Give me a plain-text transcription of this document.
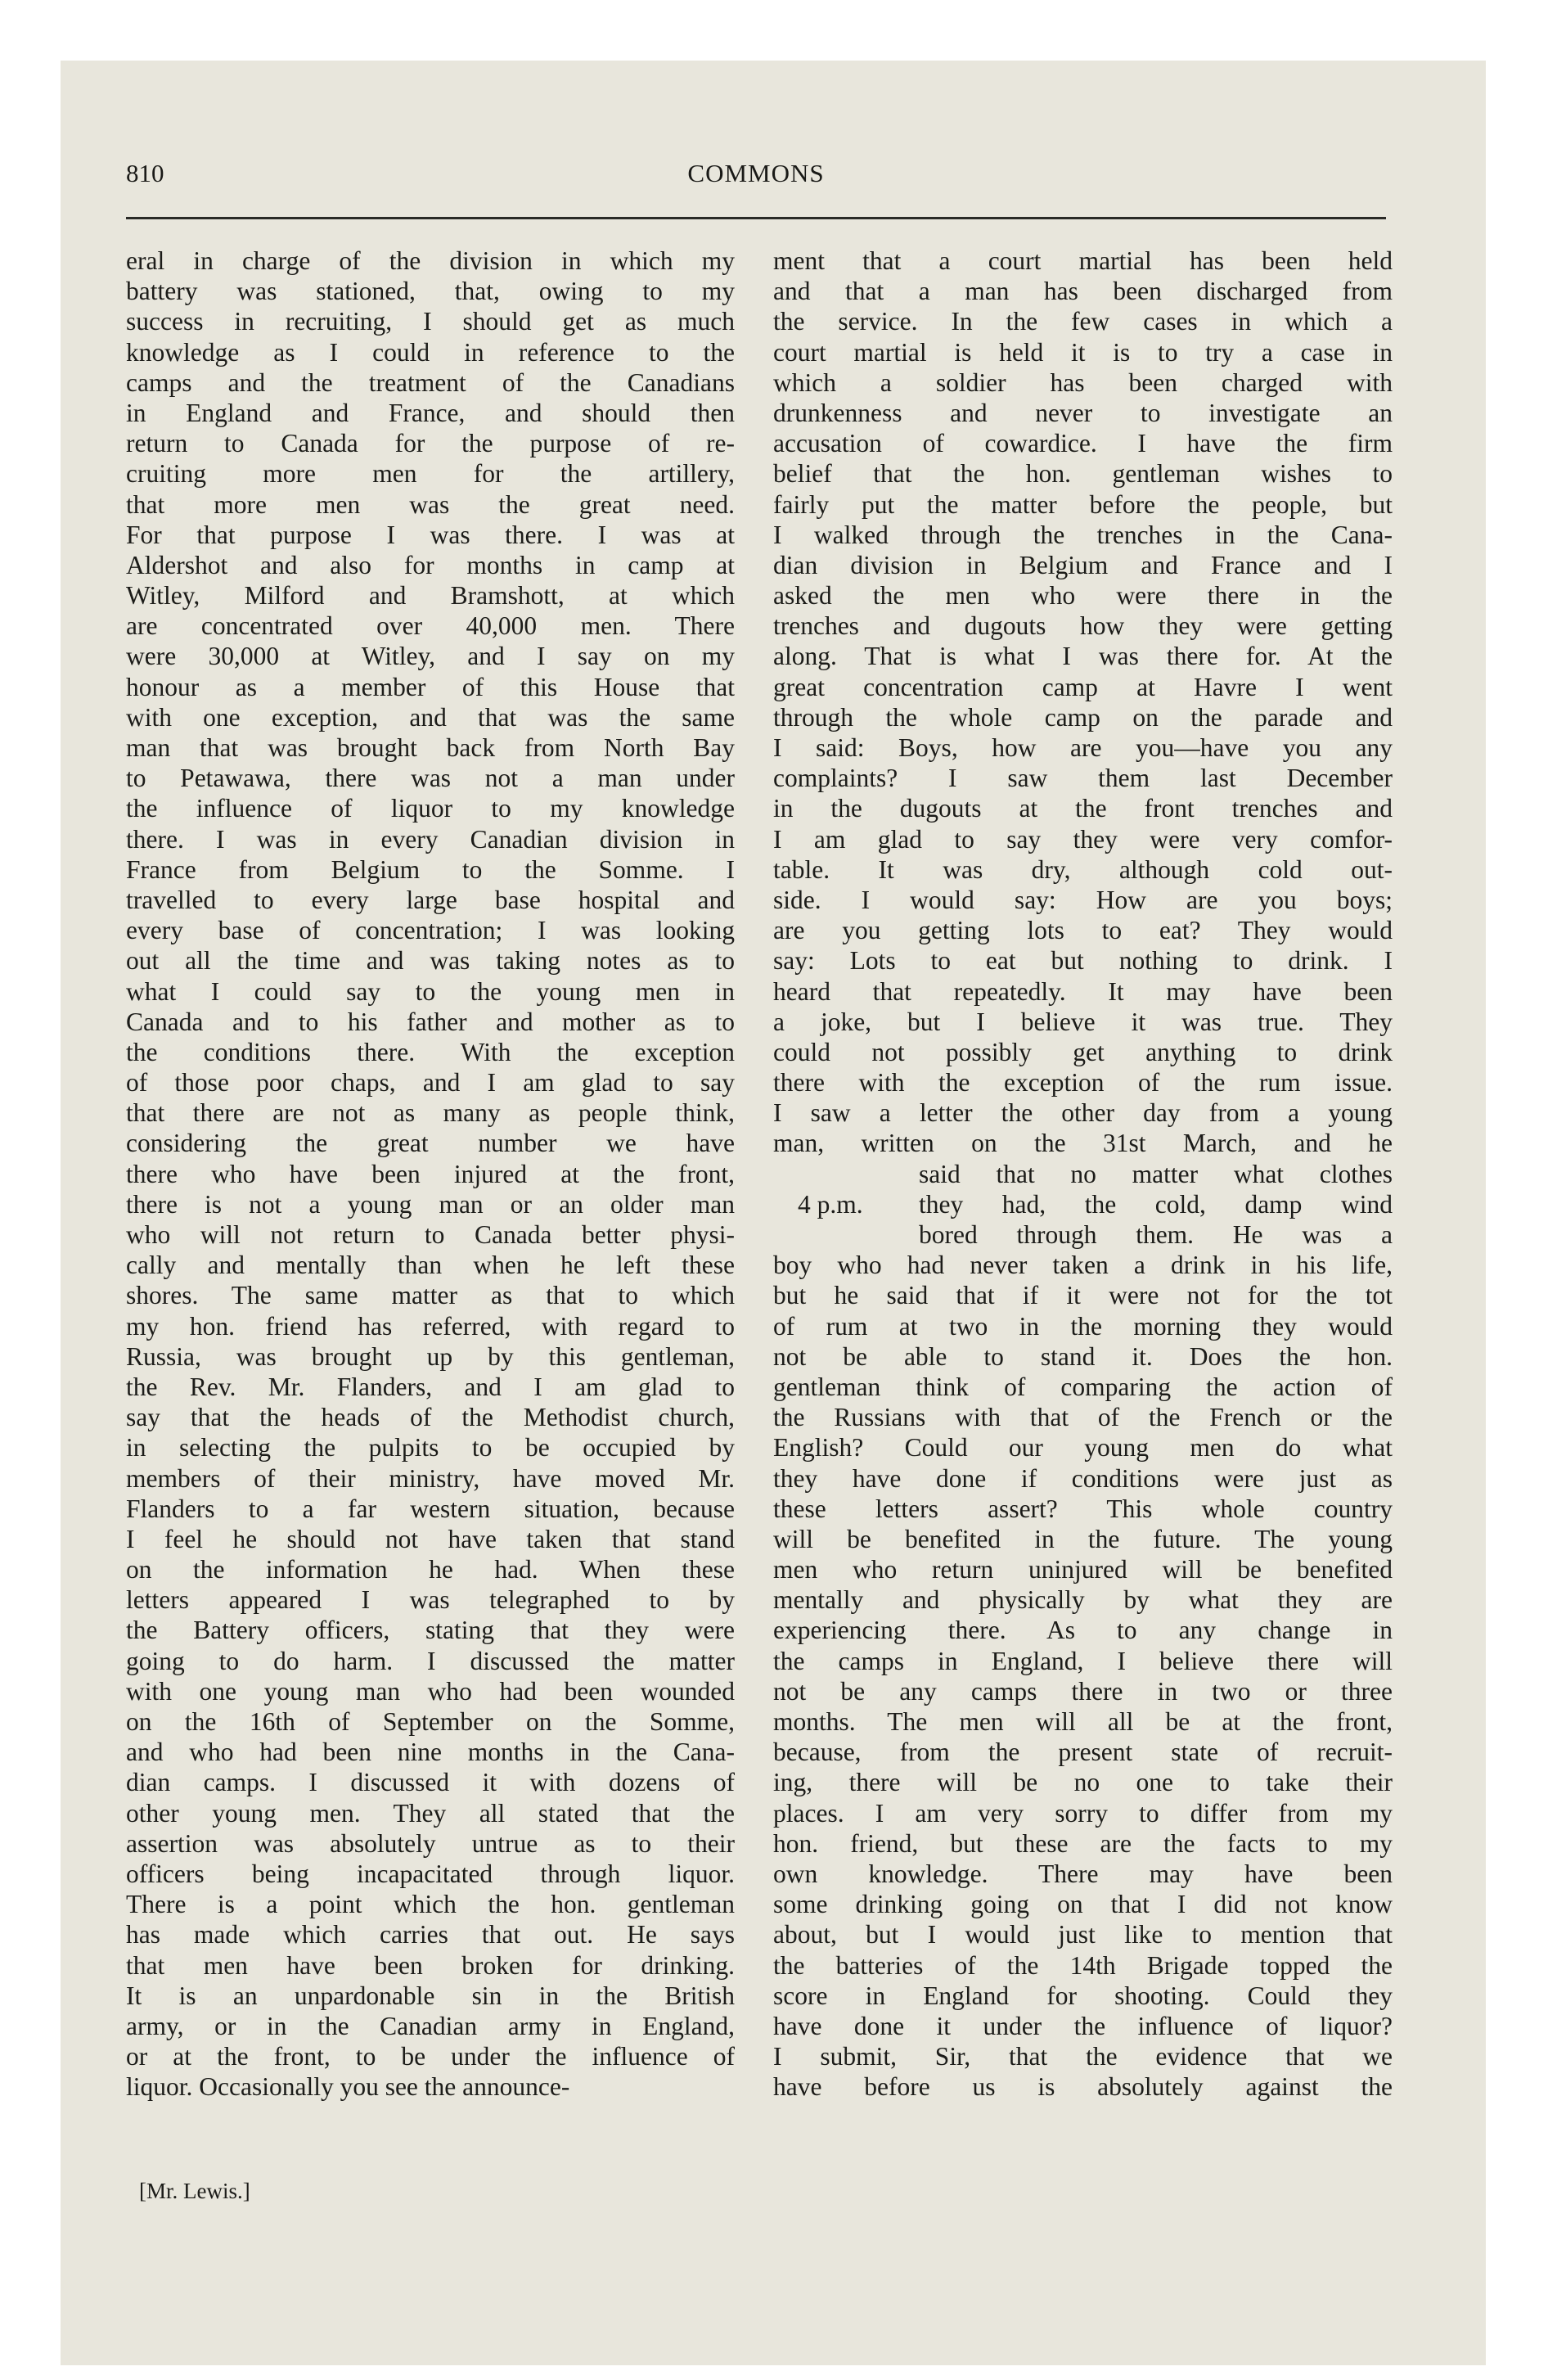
810	COMMONS
eral in charge of the division in which my
battery was stationed, that, owing to my
success in recruiting, I should get as much
knowledge as I could in reference to the
camps and the treatment of the Canadians
in England and France, and should then
return to Canada for the purpose of re-
cruiting more men for the artillery,
that more men was the great need.
For that purpose I was there. I was at
Aldershot and also for months in camp at
Witley, Milford and Bramshott, at which
are concentrated over 40,000 men. There
were 30,000 at Witley, and I say on my
honour as a member of this House that
with one exception, and that was the same
man that was brought back from North Bay
to Petawawa, there was not a man under
the influence of liquor to my knowledge
there. I was in every Canadian division in
France from Belgium to the Somme. I
travelled to every large base hospital and
every base of concentration; I was looking
out all the time and was taking notes as to
what I could say to the young men in
Canada and to his father and mother as to
the conditions there. With the exception
of those poor chaps, and I am glad to say
that there are not as many as people think,
considering the great number we have
there who have been injured at the front,
there is not a young man or an older man
who will not return to Canada better physi-
cally and mentally than when he left these
shores. The same matter as that to which
my hon. friend has referred, with regard to
Russia, was brought up by this gentleman,
the Rev. Mr. Flanders, and I am glad to
say that the heads of the Methodist church,
in selecting the pulpits to be occupied by
members of their ministry, have moved Mr.
Flanders to a far western situation, because
I feel he should not have taken that stand
on the information he had. When these
letters appeared I was telegraphed to by
the Battery officers, stating that they were
going to do harm. I discussed the matter
with one young man who had been wounded
on the 16th of September on the Somme,
and who had been nine months in the Cana-
dian camps. I discussed it with dozens of
other young men. They all stated that the
assertion was absolutely untrue as to their
officers being incapacitated through liquor.
There is a point which the hon. gentleman
has made which carries that out. He says
that men have been broken for drinking.
It is an unpardonable sin in the British
army, or in the Canadian army in England,
or at the front, to be under the influence of
liquor. Occasionally you see the announce-
ment that a court martial has been held
and that a man has been discharged from
the service. In the few cases in which a
court martial is held it is to try a case in
which a soldier has been charged with
drunkenness and never to investigate an
accusation of cowardice. I have the firm
belief that the hon. gentleman wishes to
fairly put the matter before the people, but
I walked through the trenches in the Cana-
dian division in Belgium and France and I
asked the men who were there in the
trenches and dugouts how they were getting
along. That is what I was there for. At the
great concentration camp at Havre I went
through the whole camp on the parade and
I said: Boys, how are you—have you any
complaints? I saw them last December
in the dugouts at the front trenches and
I am glad to say they were very comfor-
table. It was dry, although cold out-
side. I would say: How are you boys;
are you getting lots to eat? They would
say: Lots to eat but nothing to drink. I
heard that repeatedly. It may have been
a joke, but I believe it was true. They
could not possibly get anything to drink
there with the exception of the rum issue.
I saw a letter the other day from a young
man, written on the 31st March, and he
said that no matter what clothes
4 p.m. they had, the cold, damp wind
bored through them. He was a
boy who had never taken a drink in his life,
but he said that if it were not for the tot
of rum at two in the morning they would
not be able to stand it. Does the hon.
gentleman think of comparing the action of
the Russians with that of the French or the
English? Could our young men do what
they have done if conditions were just as
these letters assert? This whole country
will be benefited in the future. The young
men who return uninjured will be benefited
mentally and physically by what they are
experiencing there. As to any change in
the camps in England, I believe there will
not be any camps there in two or three
months. The men will all be at the front,
because, from the present state of recruit-
ing, there will be no one to take their
places. I am very sorry to differ from my
hon. friend, but these are the facts to my
own knowledge. There may have been
some drinking going on that I did not know
about, but I would just like to mention that
the batteries of the 14th Brigade topped the
score in England for shooting. Could they
have done it under the influence of liquor?
I submit, Sir, that the evidence that we
have before us is absolutely against the
[Mr. Lewis.]
